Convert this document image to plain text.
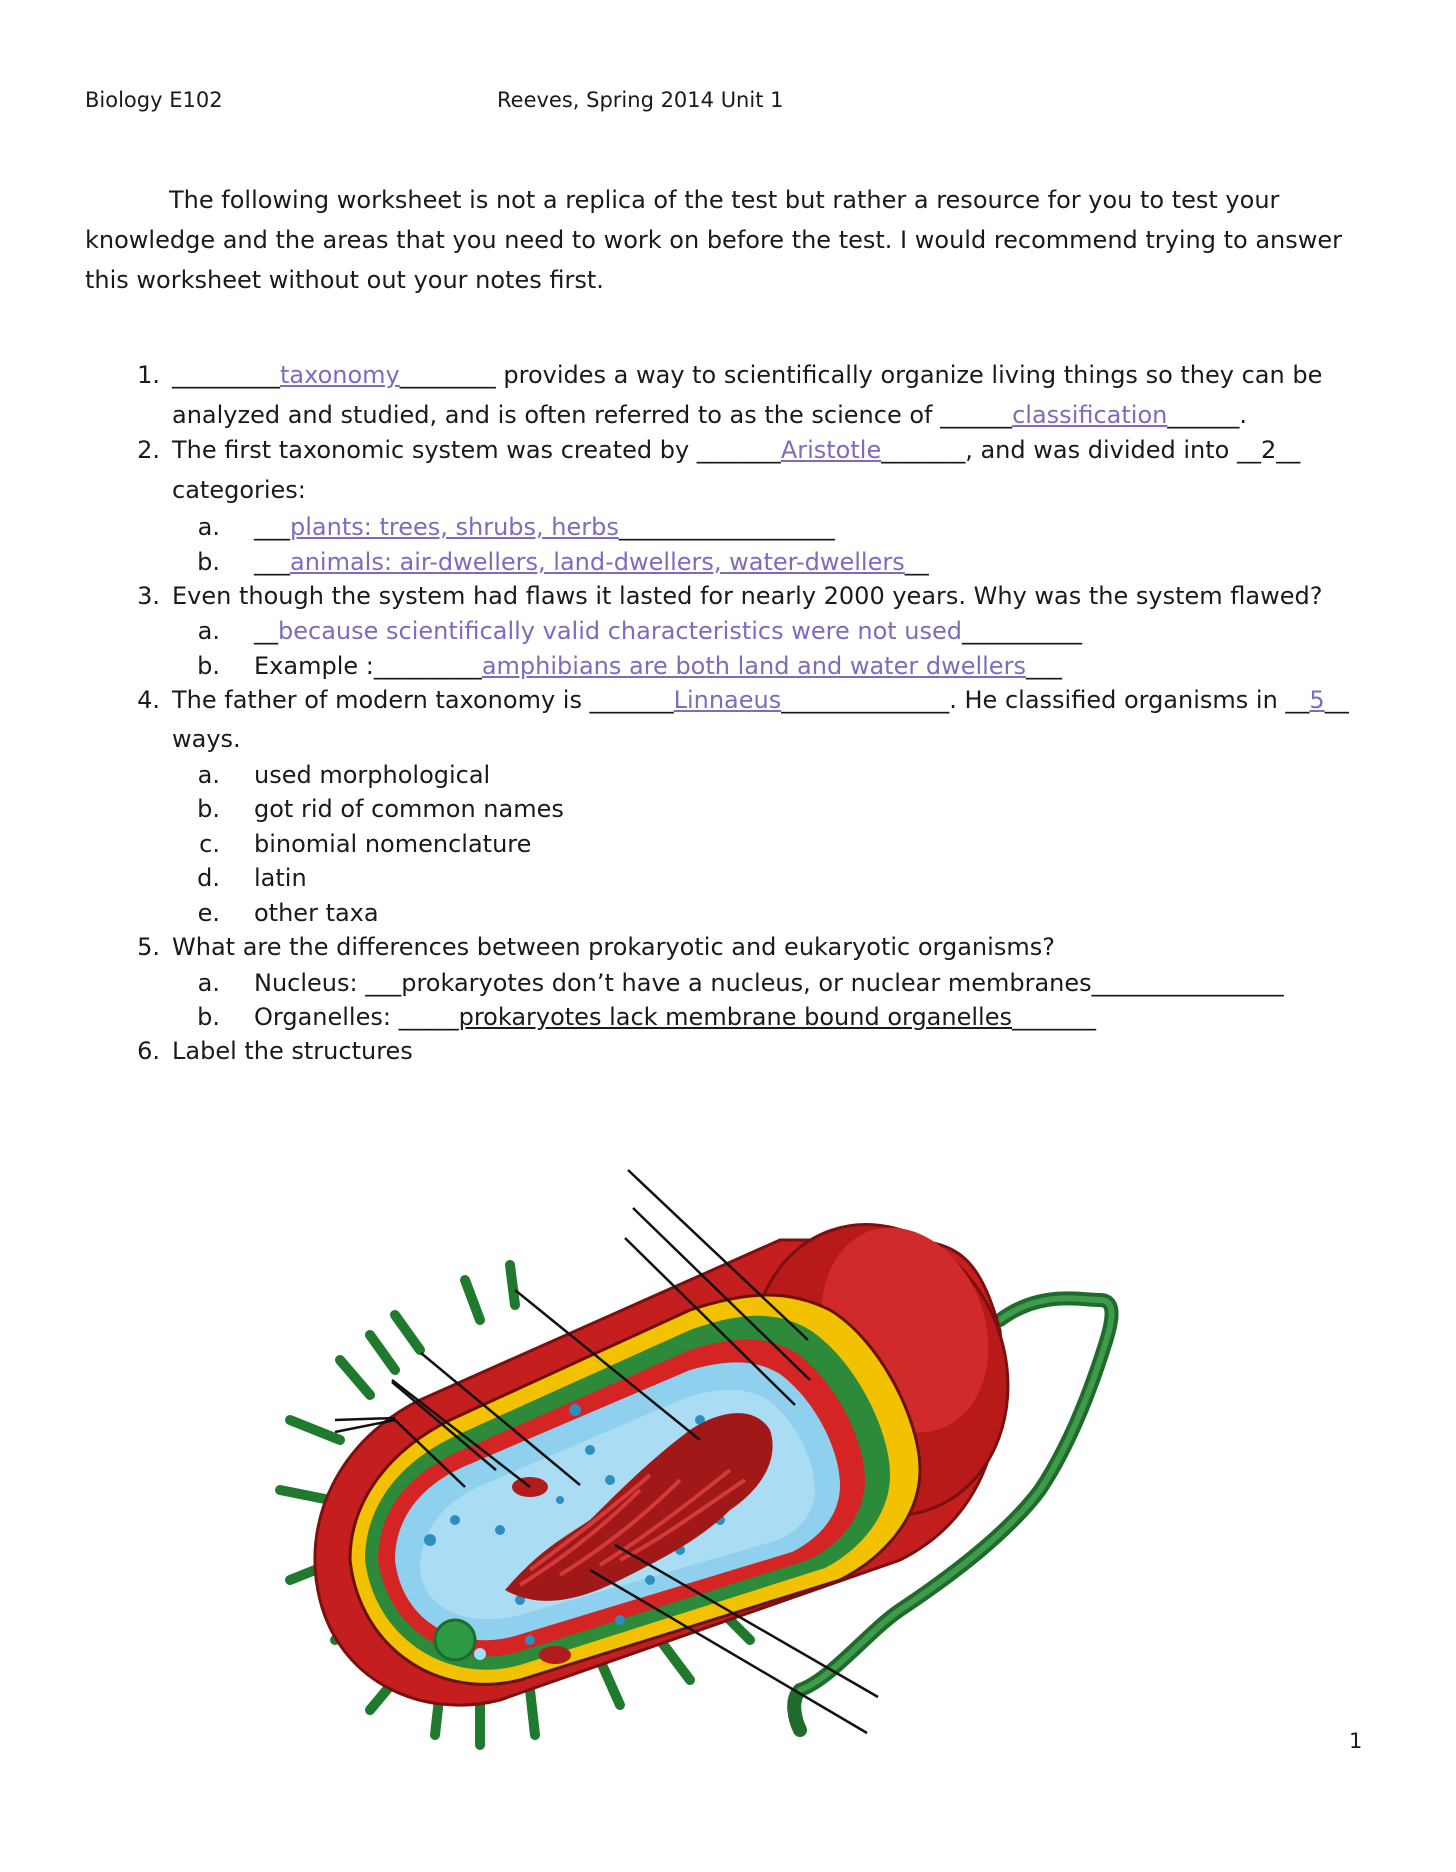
Biology E102	Reeves, Spring 2014 Unit 1
The following worksheet is not a replica of the test but rather a resource for you to test your knowledge and the areas that you need to work on before the test. I would recommend trying to answer this worksheet without out your notes first.
1. _________taxonomy________ provides a way to scientifically organize living things so they can be
analyzed and studied, and is often referred to as the science of ______classification______.
2. The first taxonomic system was created by _______Aristotle_______, and was divided into __2__
categories:
a. ___plants: trees, shrubs, herbs__________________
b. ___animals: air-dwellers, land-dwellers, water-dwellers__
3. Even though the system had flaws it lasted for nearly 2000 years. Why was the system flawed?
a. __because scientifically valid characteristics were not used__________
b. Example :_________amphibians are both land and water dwellers___
4. The father of modern taxonomy is _______Linnaeus______________. He classified organisms in __5__
ways.
a. used morphological
b. got rid of common names
c. binomial nomenclature
d. latin
e. other taxa
5. What are the differences between prokaryotic and eukaryotic organisms?
a. Nucleus: ___prokaryotes don’t have a nucleus, or nuclear membranes________________
b. Organelles: _____prokaryotes lack membrane bound organelles_______
6. Label the structures
1
